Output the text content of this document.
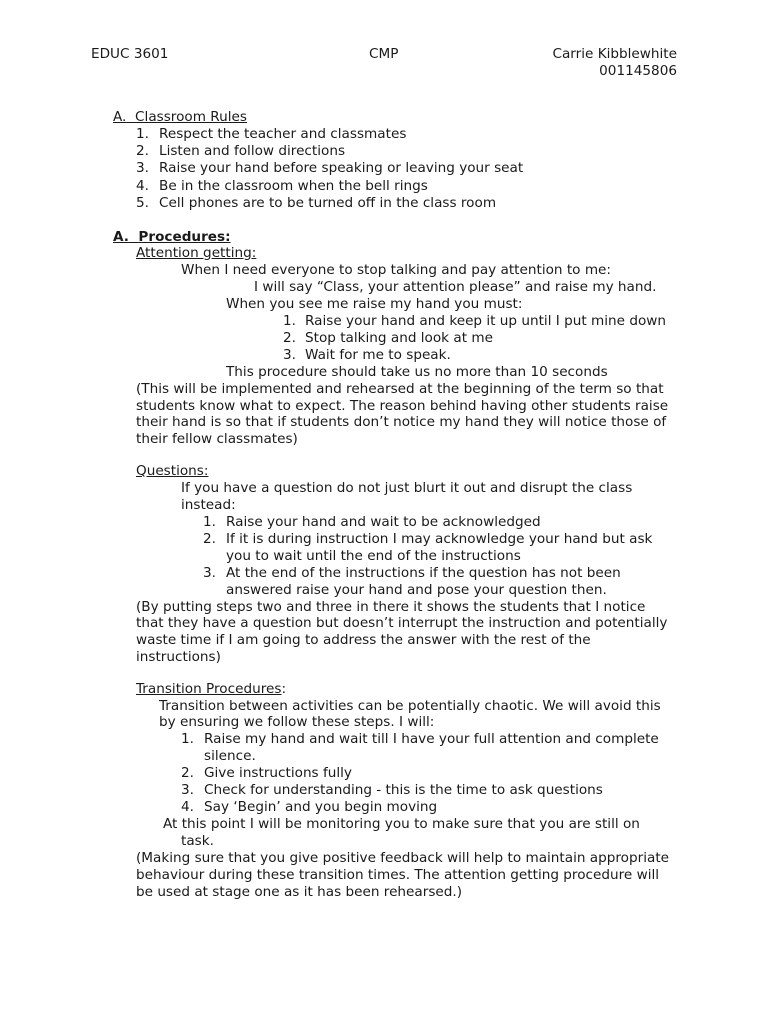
EDUC 3601	CMP	Carrie Kibblewhite
001145806
A. Classroom Rules
1. Respect the teacher and classmates
2. Listen and follow directions
3. Raise your hand before speaking or leaving your seat
4. Be in the classroom when the bell rings
5. Cell phones are to be turned off in the class room
A. Procedures:
Attention getting:
When I need everyone to stop talking and pay attention to me:
I will say “Class, your attention please” and raise my hand.
When you see me raise my hand you must:
1. Raise your hand and keep it up until I put mine down
2. Stop talking and look at me
3. Wait for me to speak.
This procedure should take us no more than 10 seconds
(This will be implemented and rehearsed at the beginning of the term so that
students know what to expect. The reason behind having other students raise
their hand is so that if students don’t notice my hand they will notice those of
their fellow classmates)
Questions:
If you have a question do not just blurt it out and disrupt the class
instead:
1. Raise your hand and wait to be acknowledged
2. If it is during instruction I may acknowledge your hand but ask
you to wait until the end of the instructions
3. At the end of the instructions if the question has not been
answered raise your hand and pose your question then.
(By putting steps two and three in there it shows the students that I notice
that they have a question but doesn’t interrupt the instruction and potentially
waste time if I am going to address the answer with the rest of the
instructions)
Transition Procedures:
Transition between activities can be potentially chaotic. We will avoid this
by ensuring we follow these steps. I will:
1. Raise my hand and wait till I have your full attention and complete
silence.
2. Give instructions fully
3. Check for understanding - this is the time to ask questions
4. Say ‘Begin’ and you begin moving
At this point I will be monitoring you to make sure that you are still on
task.
(Making sure that you give positive feedback will help to maintain appropriate
behaviour during these transition times. The attention getting procedure will
be used at stage one as it has been rehearsed.)
